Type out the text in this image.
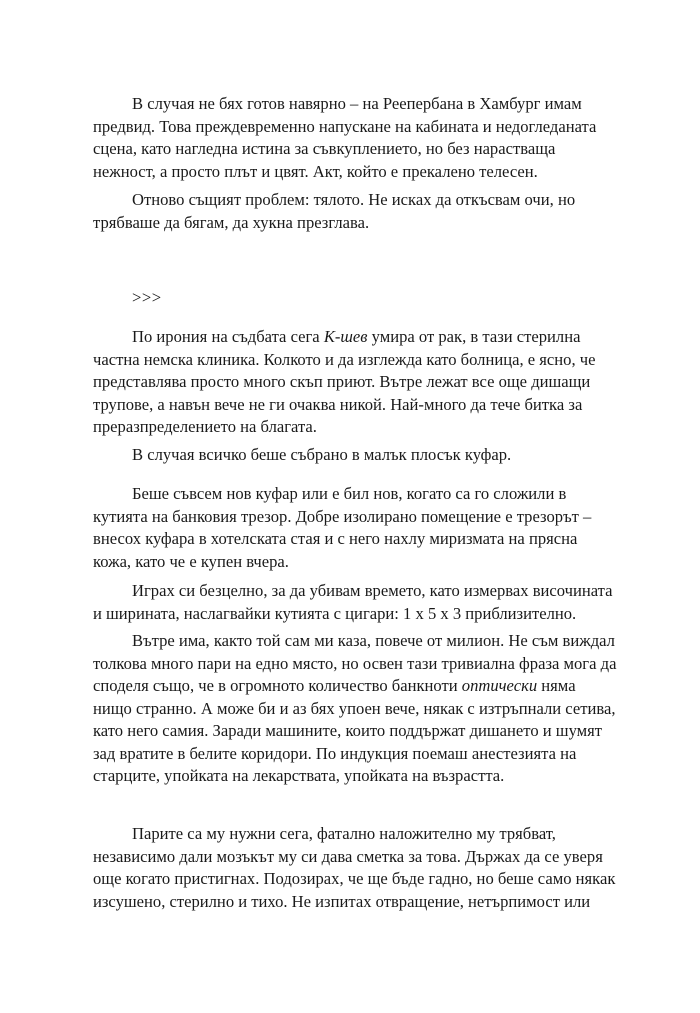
В случая не бях готов навярно – на Реепербана в Хамбург имам
предвид. Това преждевременно напускане на кабината и недогледаната
сцена, като нагледна истина за съвкуплението, но без нарастваща
нежност, а просто плът и цвят. Акт, който е прекалено телесен.
Отново същият проблем: тялото. Не исках да откъсвам очи, но
трябваше да бягам, да хукна презглава.
>>>
По ирония на съдбата сега К-шев умира от рак, в тази стерилна
частна немска клиника. Колкото и да изглежда като болница, е ясно, че
представлява просто много скъп приют. Вътре лежат все още дишащи
трупове, а навън вече не ги очаква никой. Най-много да тече битка за
преразпределението на благата.
В случая всичко беше събрано в малък плосък куфар.
Беше съвсем нов куфар или е бил нов, когато са го сложили в
кутията на банковия трезор. Добре изолирано помещение е трезорът –
внесох куфара в хотелската стая и с него нахлу миризмата на прясна
кожа, като че е купен вчера.
Играх си безцелно, за да убивам времето, като измервах височината
и ширината, наслагвайки кутията с цигари: 1 х 5 х 3 приблизително.
Вътре има, както той сам ми каза, повече от милион. Не съм виждал
толкова много пари на едно място, но освен тази тривиална фраза мога да
споделя също, че в огромното количество банкноти оптически няма
нищо странно. А може би и аз бях упоен вече, някак с изтръпнали сетива,
като него самия. Заради машините, които поддържат дишането и шумят
зад вратите в белите коридори. По индукция поемаш анестезията на
старците, упойката на лекарствата, упойката на възрастта.
Парите са му нужни сега, фатално наложително му трябват,
независимо дали мозъкът му си дава сметка за това. Държах да се уверя
още когато пристигнах. Подозирах, че ще бъде гадно, но беше само някак
изсушено, стерилно и тихо. Не изпитах отвращение, нетърпимост или
